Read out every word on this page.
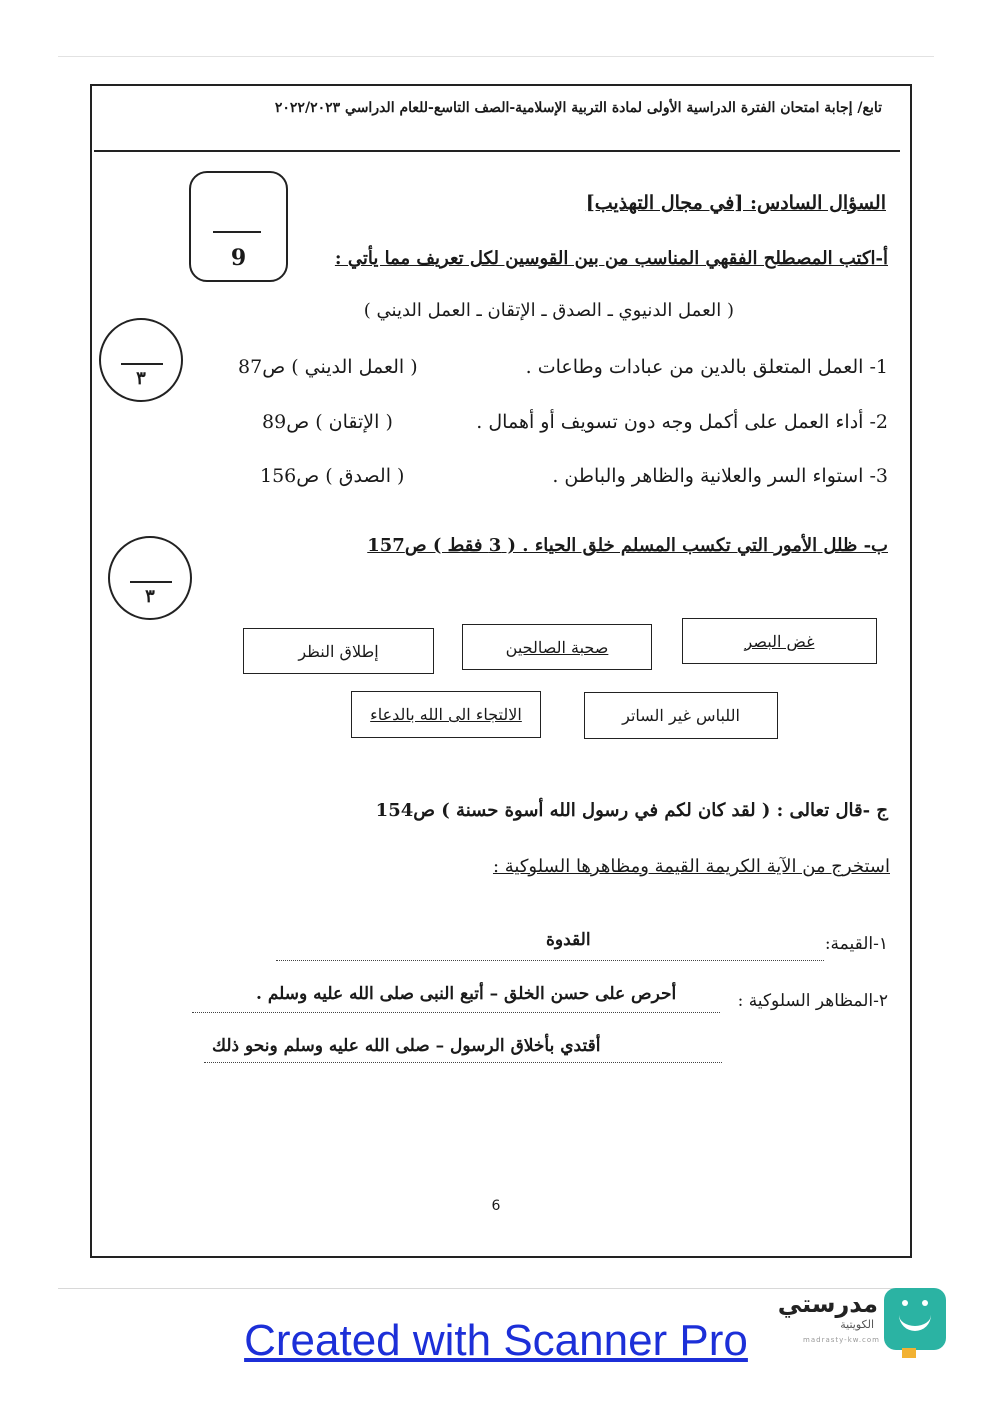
تابع/ إجابة امتحان الفترة الدراسية الأولى لمادة التربية الإسلامية-الصف التاسع-للعام الدراسي ٢٠٢٢/٢٠٢٣
9
السؤال السادس: [في مجال التهذيب]
أ-اكتب المصطلح الفقهي المناسب من بين القوسين لكل تعريف مما يأتي :
( العمل الدنيوي ـ الصدق ـ الإتقان ـ العمل الديني )
٣
1- العمل المتعلق بالدين من عبادات وطاعات .
( العمل الديني ) ص87
2- أداء العمل على أكمل وجه دون تسويف أو أهمال .
( الإتقان ) ص89
3- استواء السر والعلانية والظاهر والباطن .
( الصدق ) ص156
٣
ب- ظلل الأمور التي تكسب المسلم خلق الحياء . ( 3 فقط ) ص157
غض البصر
صحبة الصالحين
إطلاق النظر
اللباس غير الساتر
الالتجاء الى الله بالدعاء
ج -قال تعالى : ( لقد كان لكم في رسول الله أسوة حسنة ) ص154
استخرج من الآية الكريمة القيمة ومظاهرها السلوكية :
١-القيمة:
القدوة
٢-المظاهر السلوكية :
أحرص على حسن الخلق – أتبع النبى صلى الله عليه وسلم .
أقتدي بأخلاق الرسول – صلى الله عليه وسلم ونحو ذلك
6
مدرستي
الكويتية
madrasty-kw.com
Created with Scanner Pro
